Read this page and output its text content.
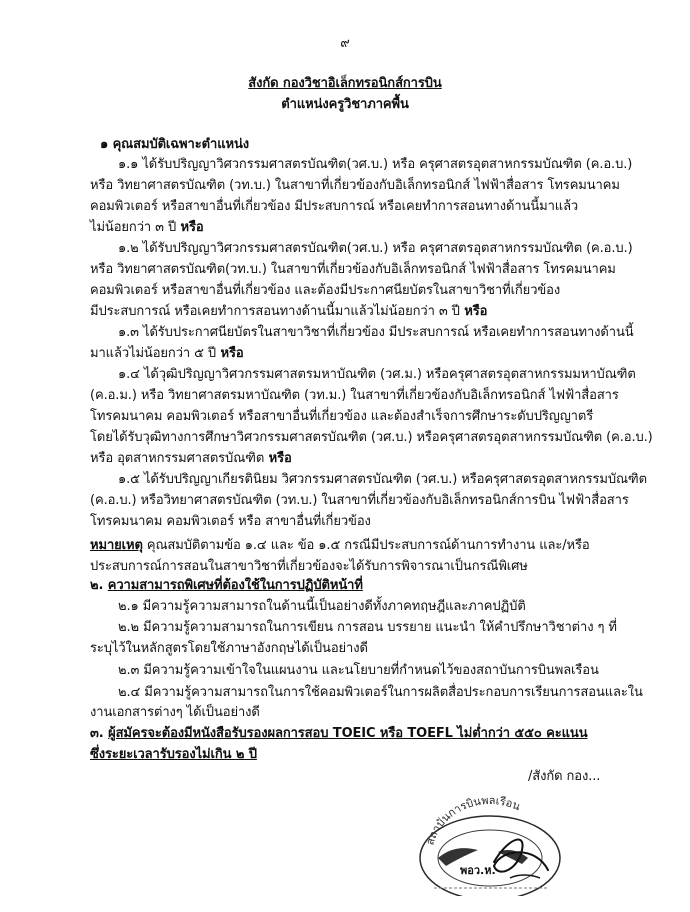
๙
สังกัด กองวิชาอิเล็กทรอนิกส์การบิน
ตำแหน่งครูวิชาภาคพื้น
๑ คุณสมบัติเฉพาะตำแหน่ง
๑.๑ ได้รับปริญญาวิศวกรรมศาสตรบัณฑิต(วศ.บ.) หรือ ครุศาสตรอุตสาหกรรมบัณฑิต (ค.อ.บ.)
หรือ วิทยาศาสตรบัณฑิต (วท.บ.) ในสาขาที่เกี่ยวข้องกับอิเล็กทรอนิกส์ ไฟฟ้าสื่อสาร โทรคมนาคม
คอมพิวเตอร์ หรือสาขาอื่นที่เกี่ยวข้อง มีประสบการณ์ หรือเคยทำการสอนทางด้านนี้มาแล้ว
ไม่น้อยกว่า ๓ ปี หรือ
๑.๒ ได้รับปริญญาวิศวกรรมศาสตรบัณฑิต(วศ.บ.) หรือ ครุศาสตรอุตสาหกรรมบัณฑิต (ค.อ.บ.)
หรือ วิทยาศาสตรบัณฑิต(วท.บ.) ในสาขาที่เกี่ยวข้องกับอิเล็กทรอนิกส์ ไฟฟ้าสื่อสาร โทรคมนาคม
คอมพิวเตอร์ หรือสาขาอื่นที่เกี่ยวข้อง และต้องมีประกาศนียบัตรในสาขาวิชาที่เกี่ยวข้อง
มีประสบการณ์ หรือเคยทำการสอนทางด้านนี้มาแล้วไม่น้อยกว่า ๓ ปี หรือ
๑.๓ ได้รับประกาศนียบัตรในสาขาวิชาที่เกี่ยวข้อง มีประสบการณ์ หรือเคยทำการสอนทางด้านนี้
มาแล้วไม่น้อยกว่า ๕ ปี หรือ
๑.๔ ได้วุฒิปริญญาวิศวกรรมศาสตรมหาบัณฑิต (วศ.ม.) หรือครุศาสตรอุตสาหกรรมมหาบัณฑิต
(ค.อ.ม.) หรือ วิทยาศาสตรมหาบัณฑิต (วท.ม.) ในสาขาที่เกี่ยวข้องกับอิเล็กทรอนิกส์ ไฟฟ้าสื่อสาร
โทรคมนาคม คอมพิวเตอร์ หรือสาขาอื่นที่เกี่ยวข้อง และต้องสำเร็จการศึกษาระดับปริญญาตรี
โดยได้รับวุฒิทางการศึกษาวิศวกรรมศาสตรบัณฑิต (วศ.บ.) หรือครุศาสตรอุตสาหกรรมบัณฑิต (ค.อ.บ.)
หรือ อุตสาหกรรมศาสตรบัณฑิต หรือ
๑.๕ ได้รับปริญญาเกียรตินิยม วิศวกรรมศาสตรบัณฑิต (วศ.บ.) หรือครุศาสตรอุตสาหกรรมบัณฑิต
(ค.อ.บ.) หรือวิทยาศาสตรบัณฑิต (วท.บ.) ในสาขาที่เกี่ยวข้องกับอิเล็กทรอนิกส์การบิน ไฟฟ้าสื่อสาร
โทรคมนาคม คอมพิวเตอร์ หรือ สาขาอื่นที่เกี่ยวข้อง
หมายเหตุ คุณสมบัติตามข้อ ๑.๔ และ ข้อ ๑.๕ กรณีมีประสบการณ์ด้านการทำงาน และ/หรือ
ประสบการณ์การสอนในสาขาวิชาที่เกี่ยวข้องจะได้รับการพิจารณาเป็นกรณีพิเศษ
๒. ความสามารถพิเศษที่ต้องใช้ในการปฏิบัติหน้าที่
๒.๑ มีความรู้ความสามารถในด้านนี้เป็นอย่างดีทั้งภาคทฤษฎีและภาคปฏิบัติ
๒.๒ มีความรู้ความสามารถในการเขียน การสอน บรรยาย แนะนำ ให้คำปรึกษาวิชาต่าง ๆ ที่
ระบุไว้ในหลักสูตรโดยใช้ภาษาอังกฤษได้เป็นอย่างดี
๒.๓ มีความรู้ความเข้าใจในแผนงาน และนโยบายที่กำหนดไว้ของสถาบันการบินพลเรือน
๒.๔ มีความรู้ความสามารถในการใช้คอมพิวเตอร์ในการผลิตสื่อประกอบการเรียนการสอนและใน
งานเอกสารต่างๆ ได้เป็นอย่างดี
๓. ผู้สมัครจะต้องมีหนังสือรับรองผลการสอบ TOEIC หรือ TOEFL ไม่ต่ำกว่า ๕๕๐ คะแนน
ซึ่งระยะเวลารับรองไม่เกิน ๒ ปี
/สังกัด กอง...
สถาบันการบินพลเรือน
พอว.ห.
